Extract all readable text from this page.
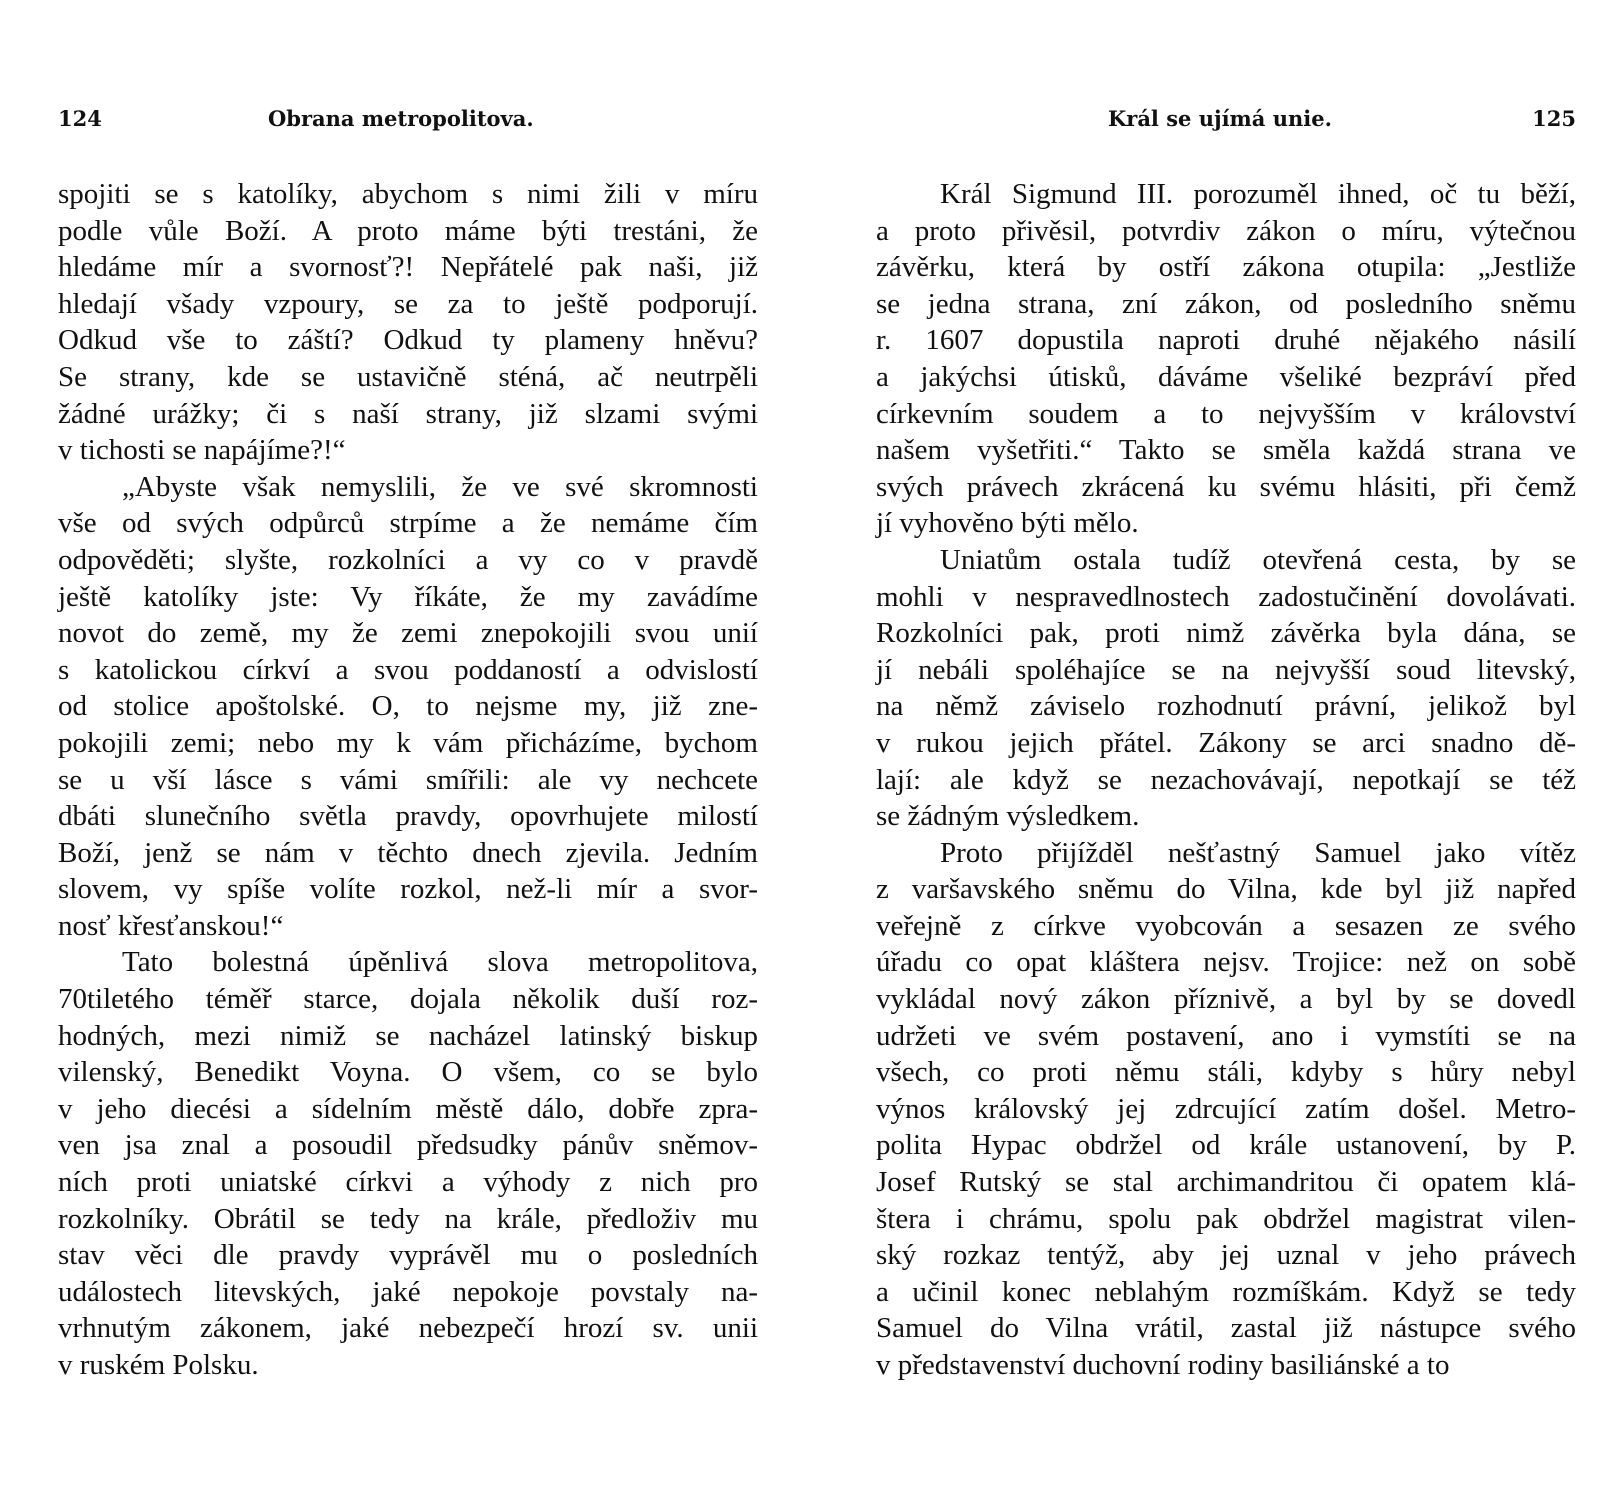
124	Obrana metropolitova.

spojiti se s katolíky, abychom s nimi žili v míru

podle vůle Boží. A proto máme býti trestáni, že

hledáme mír a svornosť?! Nepřátelé pak naši, již

hledají všady vzpoury, se za to ještě podporují.

Odkud vše to záští? Odkud ty plameny hněvu?

Se strany, kde se ustavičně sténá, ač neutrpěli

žádné urážky; či s naší strany, již slzami svými

v tichosti se napájíme?!“

„Abyste však nemyslili, že ve své skromnosti

vše od svých odpůrců strpíme a že nemáme čím

odpověděti; slyšte, rozkolníci a vy co v pravdě

ještě katolíky jste: Vy říkáte, že my zavádíme

novot do země, my že zemi znepokojili svou unií

s katolickou církví a svou poddaností a odvislostí

od stolice apoštolské. O, to nejsme my, již zne-

pokojili zemi; nebo my k vám přicházíme, bychom

se u vší lásce s vámi smířili: ale vy nechcete

dbáti slunečního světla pravdy, opovrhujete milostí

Boží, jenž se nám v těchto dnech zjevila. Jedním

slovem, vy spíše volíte rozkol, než-li mír a svor-

nosť křesťanskou!“

Tato bolestná úpěnlivá slova metropolitova,

70tiletého téměř starce, dojala několik duší roz-

hodných, mezi nimiž se nacházel latinský biskup

vilenský, Benedikt Voyna. O všem, co se bylo

v jeho diecési a sídelním městě dálo, dobře zpra-

ven jsa znal a posoudil předsudky pánův sněmov-

ních proti uniatské církvi a výhody z nich pro

rozkolníky. Obrátil se tedy na krále, předloživ mu

stav věci dle pravdy vyprávěl mu o posledních

událostech litevských, jaké nepokoje povstaly na-

vrhnutým zákonem, jaké nebezpečí hrozí sv. unii

v ruském Polsku.

Král se ujímá unie.	125

Král Sigmund III. porozuměl ihned, oč tu běží,

a proto přivěsil, potvrdiv zákon o míru, výtečnou

závěrku, která by ostří zákona otupila: „Jestliže

se jedna strana, zní zákon, od posledního sněmu

r. 1607 dopustila naproti druhé nějakého násilí

a jakýchsi útisků, dáváme všeliké bezpráví před

církevním soudem a to nejvyšším v království

našem vyšetřiti.“ Takto se směla každá strana ve

svých právech zkrácená ku svému hlásiti, při čemž

jí vyhověno býti mělo.

Uniatům ostala tudíž otevřená cesta, by se

mohli v nespravedlnostech zadostučinění dovolávati.

Rozkolníci pak, proti nimž závěrka byla dána, se

jí nebáli spoléhajíce se na nejvyšší soud litevský,

na němž záviselo rozhodnutí právní, jelikož byl

v rukou jejich přátel. Zákony se arci snadno dě-

lají: ale když se nezachovávají, nepotkají se též

se žádným výsledkem.

Proto přijížděl nešťastný Samuel jako vítěz

z varšavského sněmu do Vilna, kde byl již napřed

veřejně z církve vyobcován a sesazen ze svého

úřadu co opat kláštera nejsv. Trojice: než on sobě

vykládal nový zákon příznivě, a byl by se dovedl

udržeti ve svém postavení, ano i vymstíti se na

všech, co proti němu stáli, kdyby s hůry nebyl

výnos královský jej zdrcující zatím došel. Metro-

polita Hypac obdržel od krále ustanovení, by P.

Josef Rutský se stal archimandritou či opatem klá-

štera i chrámu, spolu pak obdržel magistrat vilen-

ský rozkaz tentýž, aby jej uznal v jeho právech

a učinil konec neblahým rozmíškám. Když se tedy

Samuel do Vilna vrátil, zastal již nástupce svého

v představenství duchovní rodiny basiliánské a to
